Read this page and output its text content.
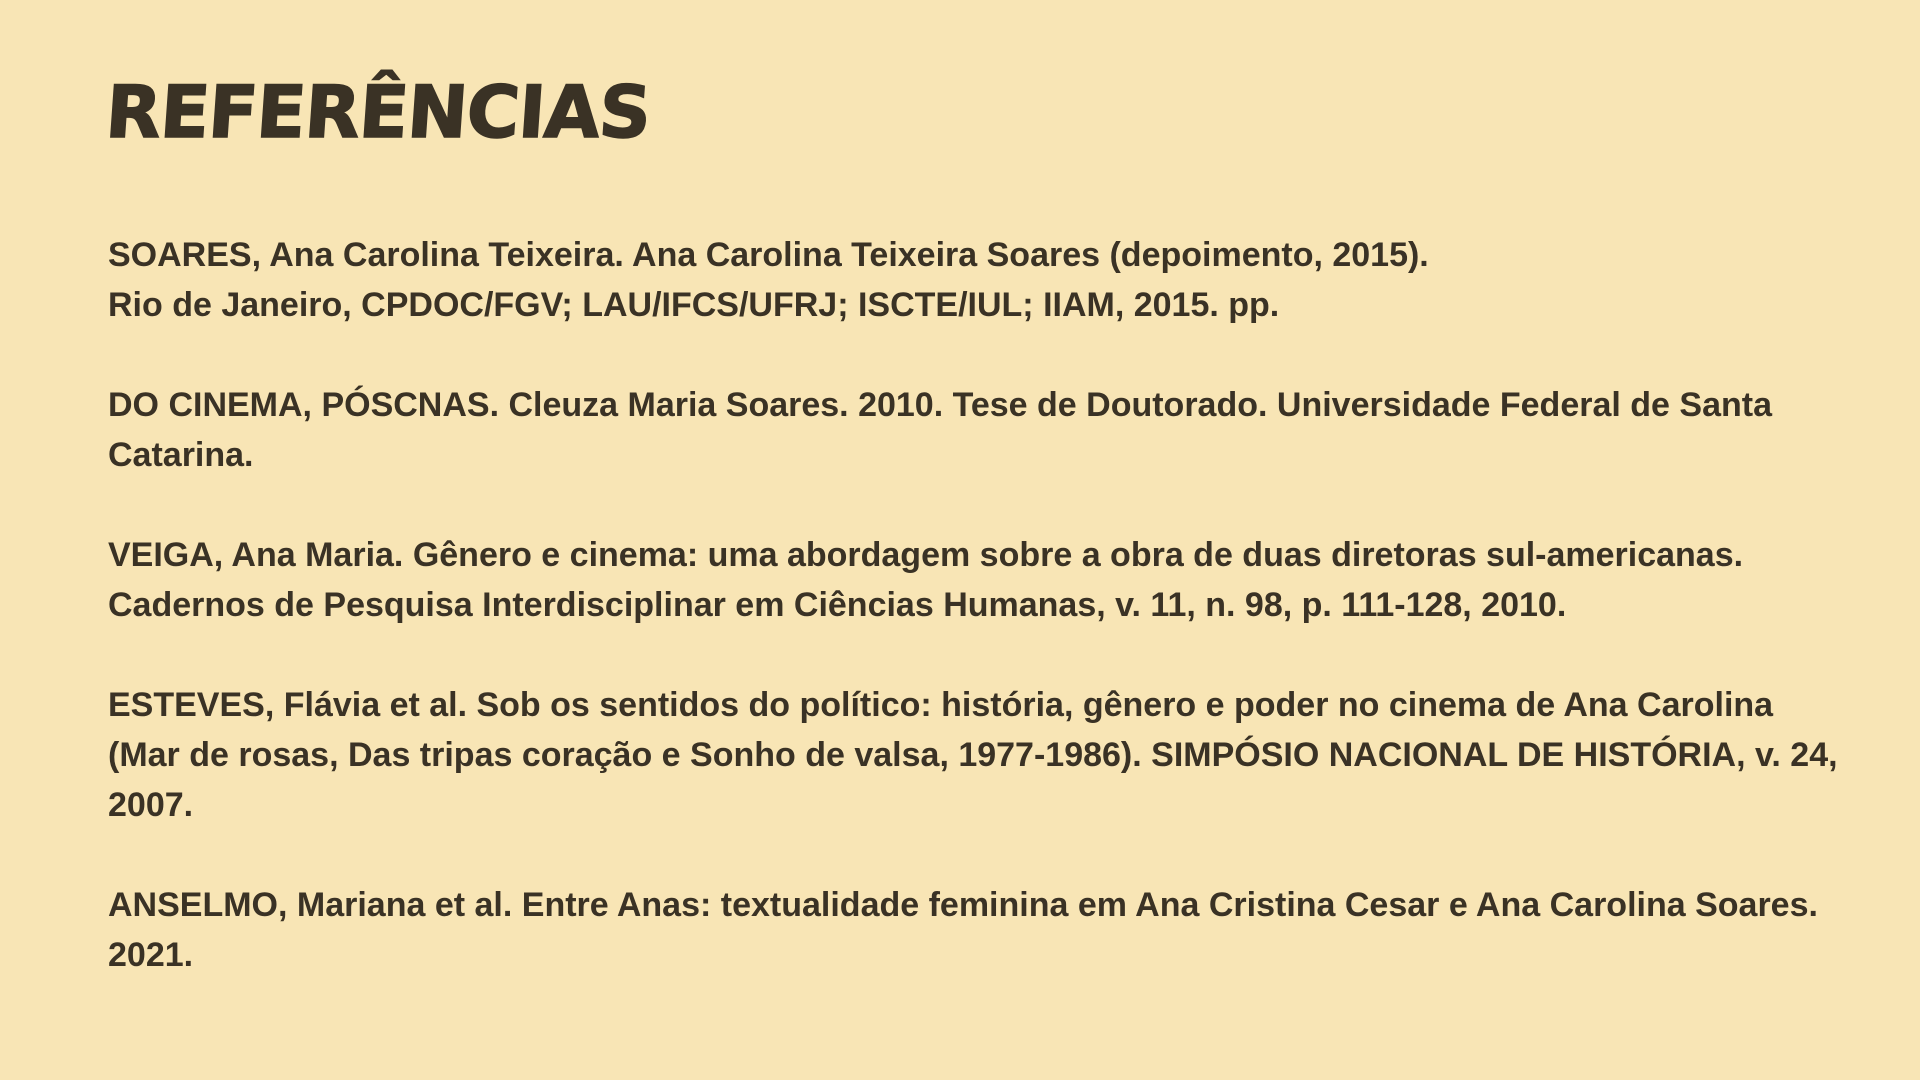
REFERÊNCIAS
SOARES, Ana Carolina Teixeira. Ana Carolina Teixeira Soares (depoimento, 2015).
Rio de Janeiro, CPDOC/FGV; LAU/IFCS/UFRJ; ISCTE/IUL; IIAM, 2015. pp.
DO CINEMA, PÓSCNAS. Cleuza Maria Soares. 2010. Tese de Doutorado. Universidade Federal de Santa Catarina.
VEIGA, Ana Maria. Gênero e cinema: uma abordagem sobre a obra de duas diretoras sul-americanas. Cadernos de Pesquisa Interdisciplinar em Ciências Humanas, v. 11, n. 98, p. 111-128, 2010.
ESTEVES, Flávia et al. Sob os sentidos do político: história, gênero e poder no cinema de Ana Carolina (Mar de rosas, Das tripas coração e Sonho de valsa, 1977-1986). SIMPÓSIO NACIONAL DE HISTÓRIA, v. 24, 2007.
ANSELMO, Mariana et al. Entre Anas: textualidade feminina em Ana Cristina Cesar e Ana Carolina Soares. 2021.
